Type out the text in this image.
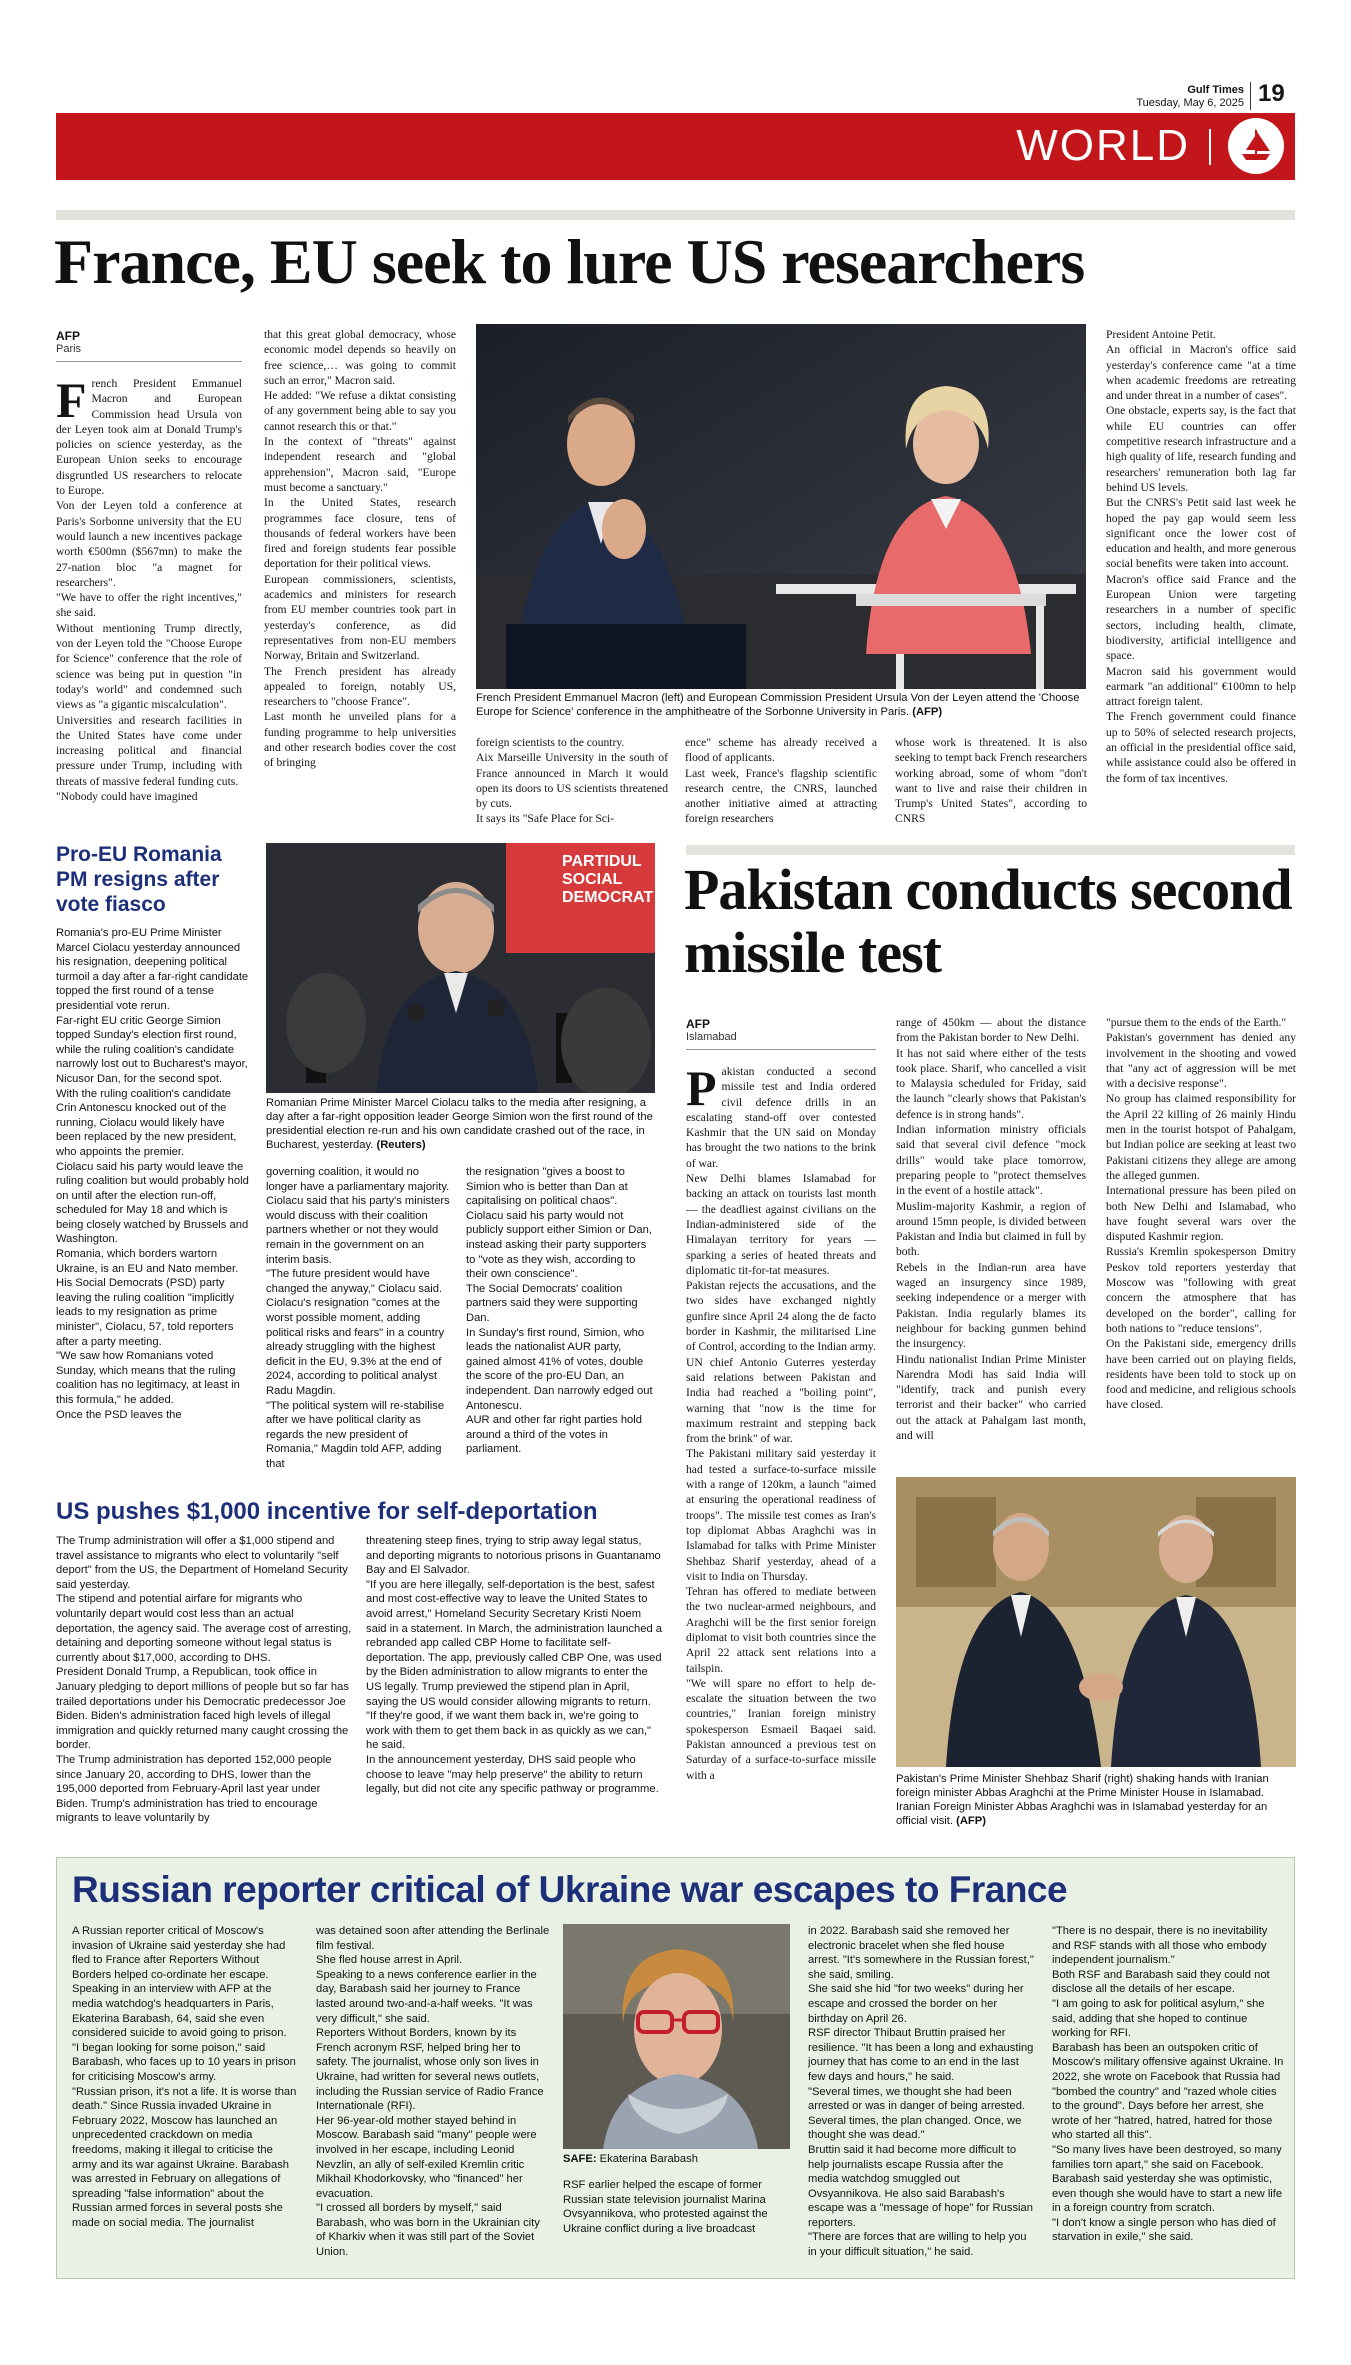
Gulf Times
Tuesday, May 6, 2025 19
WORLD
France, EU seek to lure US researchers
AFP
Paris

French President Emmanuel Macron and European Commission head Ursula von der Leyen took aim at Donald Trump's policies on science yesterday, as the European Union seeks to encourage disgruntled US researchers to relocate to Europe.

Von der Leyen told a conference at Paris's Sorbonne university that the EU would launch a new incentives package worth €500mn ($567mn) to make the 27-nation bloc "a magnet for researchers".

"We have to offer the right incentives," she said.

Without mentioning Trump directly, von der Leyen told the "Choose Europe for Science" conference that the role of science was being put in question "in today's world" and condemned such views as "a gigantic miscalculation".

Universities and research facilities in the United States have come under increasing political and financial pressure under Trump, including with threats of massive federal funding cuts.

"Nobody could have imagined

that this great global democracy, whose economic model depends so heavily on free science,… was going to commit such an error," Macron said.

He added: "We refuse a diktat consisting of any government being able to say you cannot research this or that."

In the context of "threats" against independent research and "global apprehension", Macron said, "Europe must become a sanctuary."

In the United States, research programmes face closure, tens of thousands of federal workers have been fired and foreign students fear possible deportation for their political views.

European commissioners, scientists, academics and ministers for research from EU member countries took part in yesterday's conference, as did representatives from non-EU members Norway, Britain and Switzerland.

The French president has already appealed to foreign, notably US, researchers to "choose France".

Last month he unveiled plans for a funding programme to help universities and other research bodies cover the cost of bringing

French President Emmanuel Macron (left) and European Commission President Ursula Von der Leyen attend the 'Choose Europe for Science' conference in the amphitheatre of the Sorbonne University in Paris. (AFP)

foreign scientists to the country.

Aix Marseille University in the south of France announced in March it would open its doors to US scientists threatened by cuts.

It says its "Safe Place for Sci-

ence" scheme has already received a flood of applicants.

Last week, France's flagship scientific research centre, the CNRS, launched another initiative aimed at attracting foreign researchers

whose work is threatened. It is also seeking to tempt back French researchers working abroad, some of whom "don't want to live and raise their children in Trump's United States", according to CNRS

President Antoine Petit.

An official in Macron's office said yesterday's conference came "at a time when academic freedoms are retreating and under threat in a number of cases".

One obstacle, experts say, is the fact that while EU countries can offer competitive research infrastructure and a high quality of life, research funding and researchers' remuneration both lag far behind US levels.

But the CNRS's Petit said last week he hoped the pay gap would seem less significant once the lower cost of education and health, and more generous social benefits were taken into account.

Macron's office said France and the European Union were targeting researchers in a number of specific sectors, including health, climate, biodiversity, artificial intelligence and space.

Macron said his government would earmark "an additional" €100mn to help attract foreign talent.

The French government could finance up to 50% of selected research projects, an official in the presidential office said, while assistance could also be offered in the form of tax incentives.

Pro-EU Romania PM resigns after vote fiasco

Romania's pro-EU Prime Minister Marcel Ciolacu yesterday announced his resignation, deepening political turmoil a day after a far-right candidate topped the first round of a tense presidential vote rerun.

Far-right EU critic George Simion topped Sunday's election first round, while the ruling coalition's candidate narrowly lost out to Bucharest's mayor, Nicusor Dan, for the second spot.

With the ruling coalition's candidate Crin Antonescu knocked out of the running, Ciolacu would likely have been replaced by the new president, who appoints the premier.

Ciolacu said his party would leave the ruling coalition but would probably hold on until after the election run-off, scheduled for May 18 and which is being closely watched by Brussels and Washington.

Romania, which borders wartorn Ukraine, is an EU and Nato member. His Social Democrats (PSD) party leaving the ruling coalition "implicitly leads to my resignation as prime minister", Ciolacu, 57, told reporters after a party meeting.

"We saw how Romanians voted Sunday, which means that the ruling coalition has no legitimacy, at least in this formula," he added.

Once the PSD leaves the

PARTIDUL SOCIAL DEMOCRAT
Romanian Prime Minister Marcel Ciolacu talks to the media after resigning, a day after a far-right opposition leader George Simion won the first round of the presidential election re-run and his own candidate crashed out of the race, in Bucharest, yesterday. (Reuters)

governing coalition, it would no longer have a parliamentary majority. Ciolacu said that his party's ministers would discuss with their coalition partners whether or not they would remain in the government on an interim basis.

"The future president would have changed the anyway," Ciolacu said. Ciolacu's resignation "comes at the worst possible moment, adding political risks and fears" in a country already struggling with the highest deficit in the EU, 9.3% at the end of 2024, according to political analyst Radu Magdin.

"The political system will re-stabilise after we have political clarity as regards the new president of Romania," Magdin told AFP, adding that

the resignation "gives a boost to Simion who is better than Dan at capitalising on political chaos".

Ciolacu said his party would not publicly support either Simion or Dan, instead asking their party supporters to "vote as they wish, according to their own conscience".

The Social Democrats' coalition partners said they were supporting Dan.

In Sunday's first round, Simion, who leads the nationalist AUR party, gained almost 41% of votes, double the score of the pro-EU Dan, an independent. Dan narrowly edged out Antonescu.

AUR and other far right parties hold around a third of the votes in parliament.

Pakistan conducts second missile test
AFP
Islamabad

Pakistan conducted a second missile test and India ordered civil defence drills in an escalating stand-off over contested Kashmir that the UN said on Monday has brought the two nations to the brink of war.

New Delhi blames Islamabad for backing an attack on tourists last month — the deadliest against civilians on the Indian-administered side of the Himalayan territory for years — sparking a series of heated threats and diplomatic tit-for-tat measures.

Pakistan rejects the accusations, and the two sides have exchanged nightly gunfire since April 24 along the de facto border in Kashmir, the militarised Line of Control, according to the Indian army.

UN chief Antonio Guterres yesterday said relations between Pakistan and India had reached a "boiling point", warning that "now is the time for maximum restraint and stepping back from the brink" of war.

The Pakistani military said yesterday it had tested a surface-to-surface missile with a range of 120km, a launch "aimed at ensuring the operational readiness of troops". The missile test comes as Iran's top diplomat Abbas Araghchi was in Islamabad for talks with Prime Minister Shehbaz Sharif yesterday, ahead of a visit to India on Thursday.

Tehran has offered to mediate between the two nuclear-armed neighbours, and Araghchi will be the first senior foreign diplomat to visit both countries since the April 22 attack sent relations into a tailspin.

"We will spare no effort to help de-escalate the situation between the two countries," Iranian foreign ministry spokesperson Esmaeil Baqaei said. Pakistan announced a previous test on Saturday of a surface-to-surface missile with a

range of 450km — about the distance from the Pakistan border to New Delhi.

It has not said where either of the tests took place. Sharif, who cancelled a visit to Malaysia scheduled for Friday, said the launch "clearly shows that Pakistan's defence is in strong hands".

Indian information ministry officials said that several civil defence "mock drills" would take place tomorrow, preparing people to "protect themselves in the event of a hostile attack".

Muslim-majority Kashmir, a region of around 15mn people, is divided between Pakistan and India but claimed in full by both.

Rebels in the Indian-run area have waged an insurgency since 1989, seeking independence or a merger with Pakistan. India regularly blames its neighbour for backing gunmen behind the insurgency.

Hindu nationalist Indian Prime Minister Narendra Modi has said India will "identify, track and punish every terrorist and their backer" who carried out the attack at Pahalgam last month, and will

"pursue them to the ends of the Earth."

Pakistan's government has denied any involvement in the shooting and vowed that "any act of aggression will be met with a decisive response".

No group has claimed responsibility for the April 22 killing of 26 mainly Hindu men in the tourist hotspot of Pahalgam, but Indian police are seeking at least two Pakistani citizens they allege are among the alleged gunmen.

International pressure has been piled on both New Delhi and Islamabad, who have fought several wars over the disputed Kashmir region.

Russia's Kremlin spokesperson Dmitry Peskov told reporters yesterday that Moscow was "following with great concern the atmosphere that has developed on the border", calling for both nations to "reduce tensions".

On the Pakistani side, emergency drills have been carried out on playing fields, residents have been told to stock up on food and medicine, and religious schools have closed.

Pakistan's Prime Minister Shehbaz Sharif (right) shaking hands with Iranian foreign minister Abbas Araghchi at the Prime Minister House in Islamabad. Iranian Foreign Minister Abbas Araghchi was in Islamabad yesterday for an official visit. (AFP)
US pushes $1,000 incentive for self-deportation

The Trump administration will offer a $1,000 stipend and travel assistance to migrants who elect to voluntarily "self deport" from the US, the Department of Homeland Security said yesterday.

The stipend and potential airfare for migrants who voluntarily depart would cost less than an actual deportation, the agency said. The average cost of arresting, detaining and deporting someone without legal status is currently about $17,000, according to DHS.

President Donald Trump, a Republican, took office in January pledging to deport millions of people but so far has trailed deportations under his Democratic predecessor Joe Biden. Biden's administration faced high levels of illegal immigration and quickly returned many caught crossing the border.

The Trump administration has deported 152,000 people since January 20, according to DHS, lower than the 195,000 deported from February-April last year under Biden. Trump's administration has tried to encourage migrants to leave voluntarily by

threatening steep fines, trying to strip away legal status, and deporting migrants to notorious prisons in Guantanamo Bay and El Salvador.

"If you are here illegally, self-deportation is the best, safest and most cost-effective way to leave the United States to avoid arrest," Homeland Security Secretary Kristi Noem said in a statement. In March, the administration launched a rebranded app called CBP Home to facilitate self-deportation. The app, previously called CBP One, was used by the Biden administration to allow migrants to enter the US legally. Trump previewed the stipend plan in April, saying the US would consider allowing migrants to return.

"If they're good, if we want them back in, we're going to work with them to get them back in as quickly as we can," he said.

In the announcement yesterday, DHS said people who choose to leave "may help preserve" the ability to return legally, but did not cite any specific pathway or programme.

Russian reporter critical of Ukraine war escapes to France

A Russian reporter critical of Moscow's invasion of Ukraine said yesterday she had fled to France after Reporters Without Borders helped co-ordinate her escape.

Speaking in an interview with AFP at the media watchdog's headquarters in Paris, Ekaterina Barabash, 64, said she even considered suicide to avoid going to prison.

"I began looking for some poison," said Barabash, who faces up to 10 years in prison for criticising Moscow's army.

"Russian prison, it's not a life. It is worse than death." Since Russia invaded Ukraine in February 2022, Moscow has launched an unprecedented crackdown on media freedoms, making it illegal to criticise the army and its war against Ukraine. Barabash was arrested in February on allegations of spreading "false information" about the Russian armed forces in several posts she made on social media. The journalist

was detained soon after attending the Berlinale film festival.

She fled house arrest in April.

Speaking to a news conference earlier in the day, Barabash said her journey to France lasted around two-and-a-half weeks. "It was very difficult," she said.

Reporters Without Borders, known by its French acronym RSF, helped bring her to safety. The journalist, whose only son lives in Ukraine, had written for several news outlets, including the Russian service of Radio France Internationale (RFI).

Her 96-year-old mother stayed behind in Moscow. Barabash said "many" people were involved in her escape, including Leonid Nevzlin, an ally of self-exiled Kremlin critic Mikhail Khodorkovsky, who "financed" her evacuation.

"I crossed all borders by myself," said Barabash, who was born in the Ukrainian city of Kharkiv when it was still part of the Soviet Union.

SAFE: Ekaterina Barabash

RSF earlier helped the escape of former Russian state television journalist Marina Ovsyannikova, who protested against the Ukraine conflict during a live broadcast

in 2022. Barabash said she removed her electronic bracelet when she fled house arrest. "It's somewhere in the Russian forest," she said, smiling.

She said she hid "for two weeks" during her escape and crossed the border on her birthday on April 26.

RSF director Thibaut Bruttin praised her resilience. "It has been a long and exhausting journey that has come to an end in the last few days and hours," he said.

"Several times, we thought she had been arrested or was in danger of being arrested. Several times, the plan changed. Once, we thought she was dead."

Bruttin said it had become more difficult to help journalists escape Russia after the media watchdog smuggled out Ovsyannikova. He also said Barabash's escape was a "message of hope" for Russian reporters.

"There are forces that are willing to help you in your difficult situation," he said.

"There is no despair, there is no inevitability and RSF stands with all those who embody independent journalism."

Both RSF and Barabash said they could not disclose all the details of her escape.

"I am going to ask for political asylum," she said, adding that she hoped to continue working for RFI.

Barabash has been an outspoken critic of Moscow's military offensive against Ukraine. In 2022, she wrote on Facebook that Russia had "bombed the country" and "razed whole cities to the ground". Days before her arrest, she wrote of her "hatred, hatred, hatred for those who started all this".

"So many lives have been destroyed, so many families torn apart," she said on Facebook. Barabash said yesterday she was optimistic, even though she would have to start a new life in a foreign country from scratch.

"I don't know a single person who has died of starvation in exile," she said.
